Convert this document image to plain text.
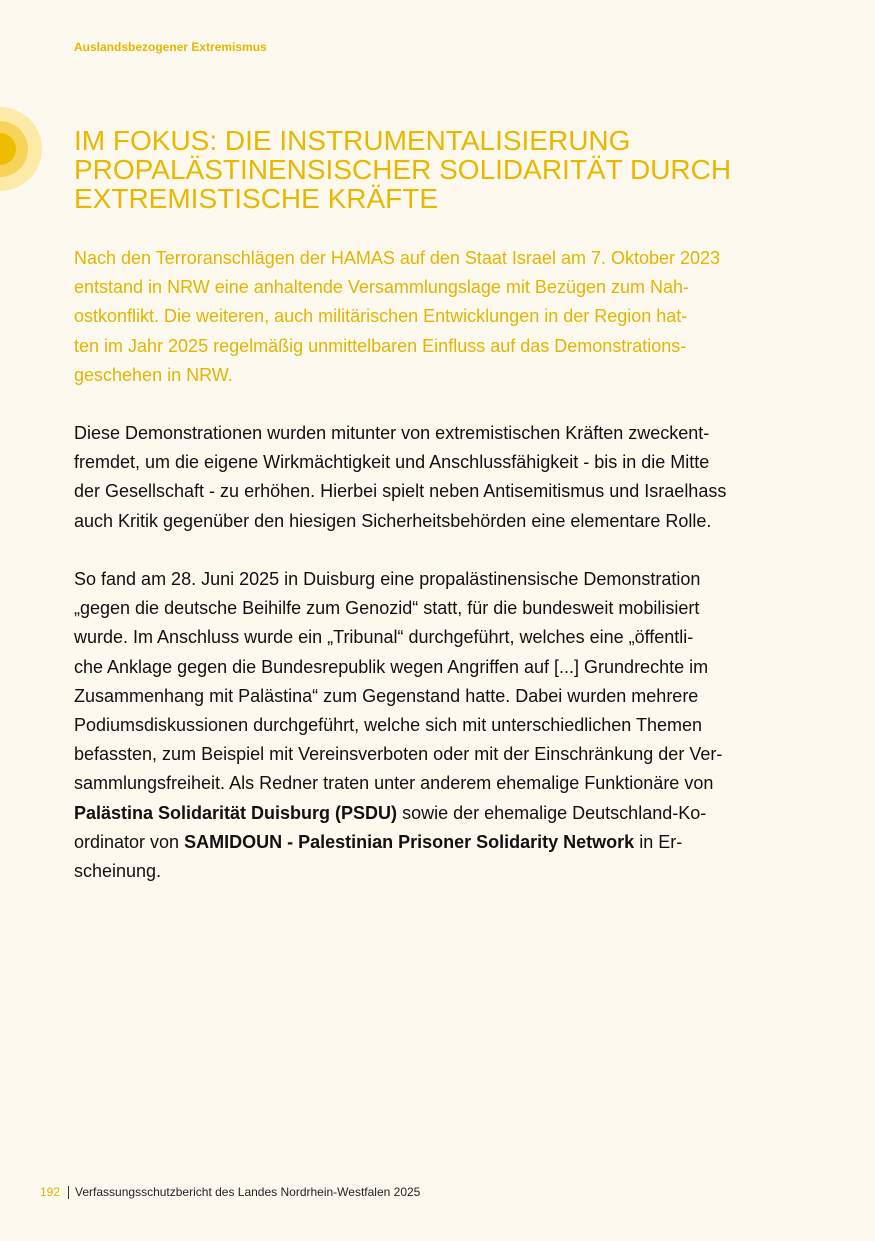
Auslandsbezogener Extremismus
IM FOKUS: DIE INSTRUMENTALISIERUNG
PROPALÄSTINENSISCHER SOLIDARITÄT DURCH
EXTREMISTISCHE KRÄFTE

Nach den Terroranschlägen der HAMAS auf den Staat Israel am 7. Oktober 2023
entstand in NRW eine anhaltende Versammlungslage mit Bezügen zum Nah-
ostkonflikt. Die weiteren, auch militärischen Entwicklungen in der Region hat-
ten im Jahr 2025 regelmäßig unmittelbaren Einfluss auf das Demonstrations-
geschehen in NRW.

Diese Demonstrationen wurden mitunter von extremistischen Kräften zweckent-
fremdet, um die eigene Wirkmächtigkeit und Anschlussfähigkeit - bis in die Mitte
der Gesellschaft - zu erhöhen. Hierbei spielt neben Antisemitismus und Israelhass
auch Kritik gegenüber den hiesigen Sicherheitsbehörden eine elementare Rolle.

So fand am 28. Juni 2025 in Duisburg eine propalästinensische Demonstration
„gegen die deutsche Beihilfe zum Genozid“ statt, für die bundesweit mobilisiert
wurde. Im Anschluss wurde ein „Tribunal“ durchgeführt, welches eine „öffentli-
che Anklage gegen die Bundesrepublik wegen Angriffen auf [...] Grundrechte im
Zusammenhang mit Palästina“ zum Gegenstand hatte. Dabei wurden mehrere
Podiumsdiskussionen durchgeführt, welche sich mit unterschiedlichen Themen
befassten, zum Beispiel mit Vereinsverboten oder mit der Einschränkung der Ver-
sammlungsfreiheit. Als Redner traten unter anderem ehemalige Funktionäre von
Palästina Solidarität Duisburg (PSDU) sowie der ehemalige Deutschland-Ko-
ordinator von SAMIDOUN - Palestinian Prisoner Solidarity Network in Er-
scheinung.

192 Verfassungsschutzbericht des Landes Nordrhein-Westfalen 2025
